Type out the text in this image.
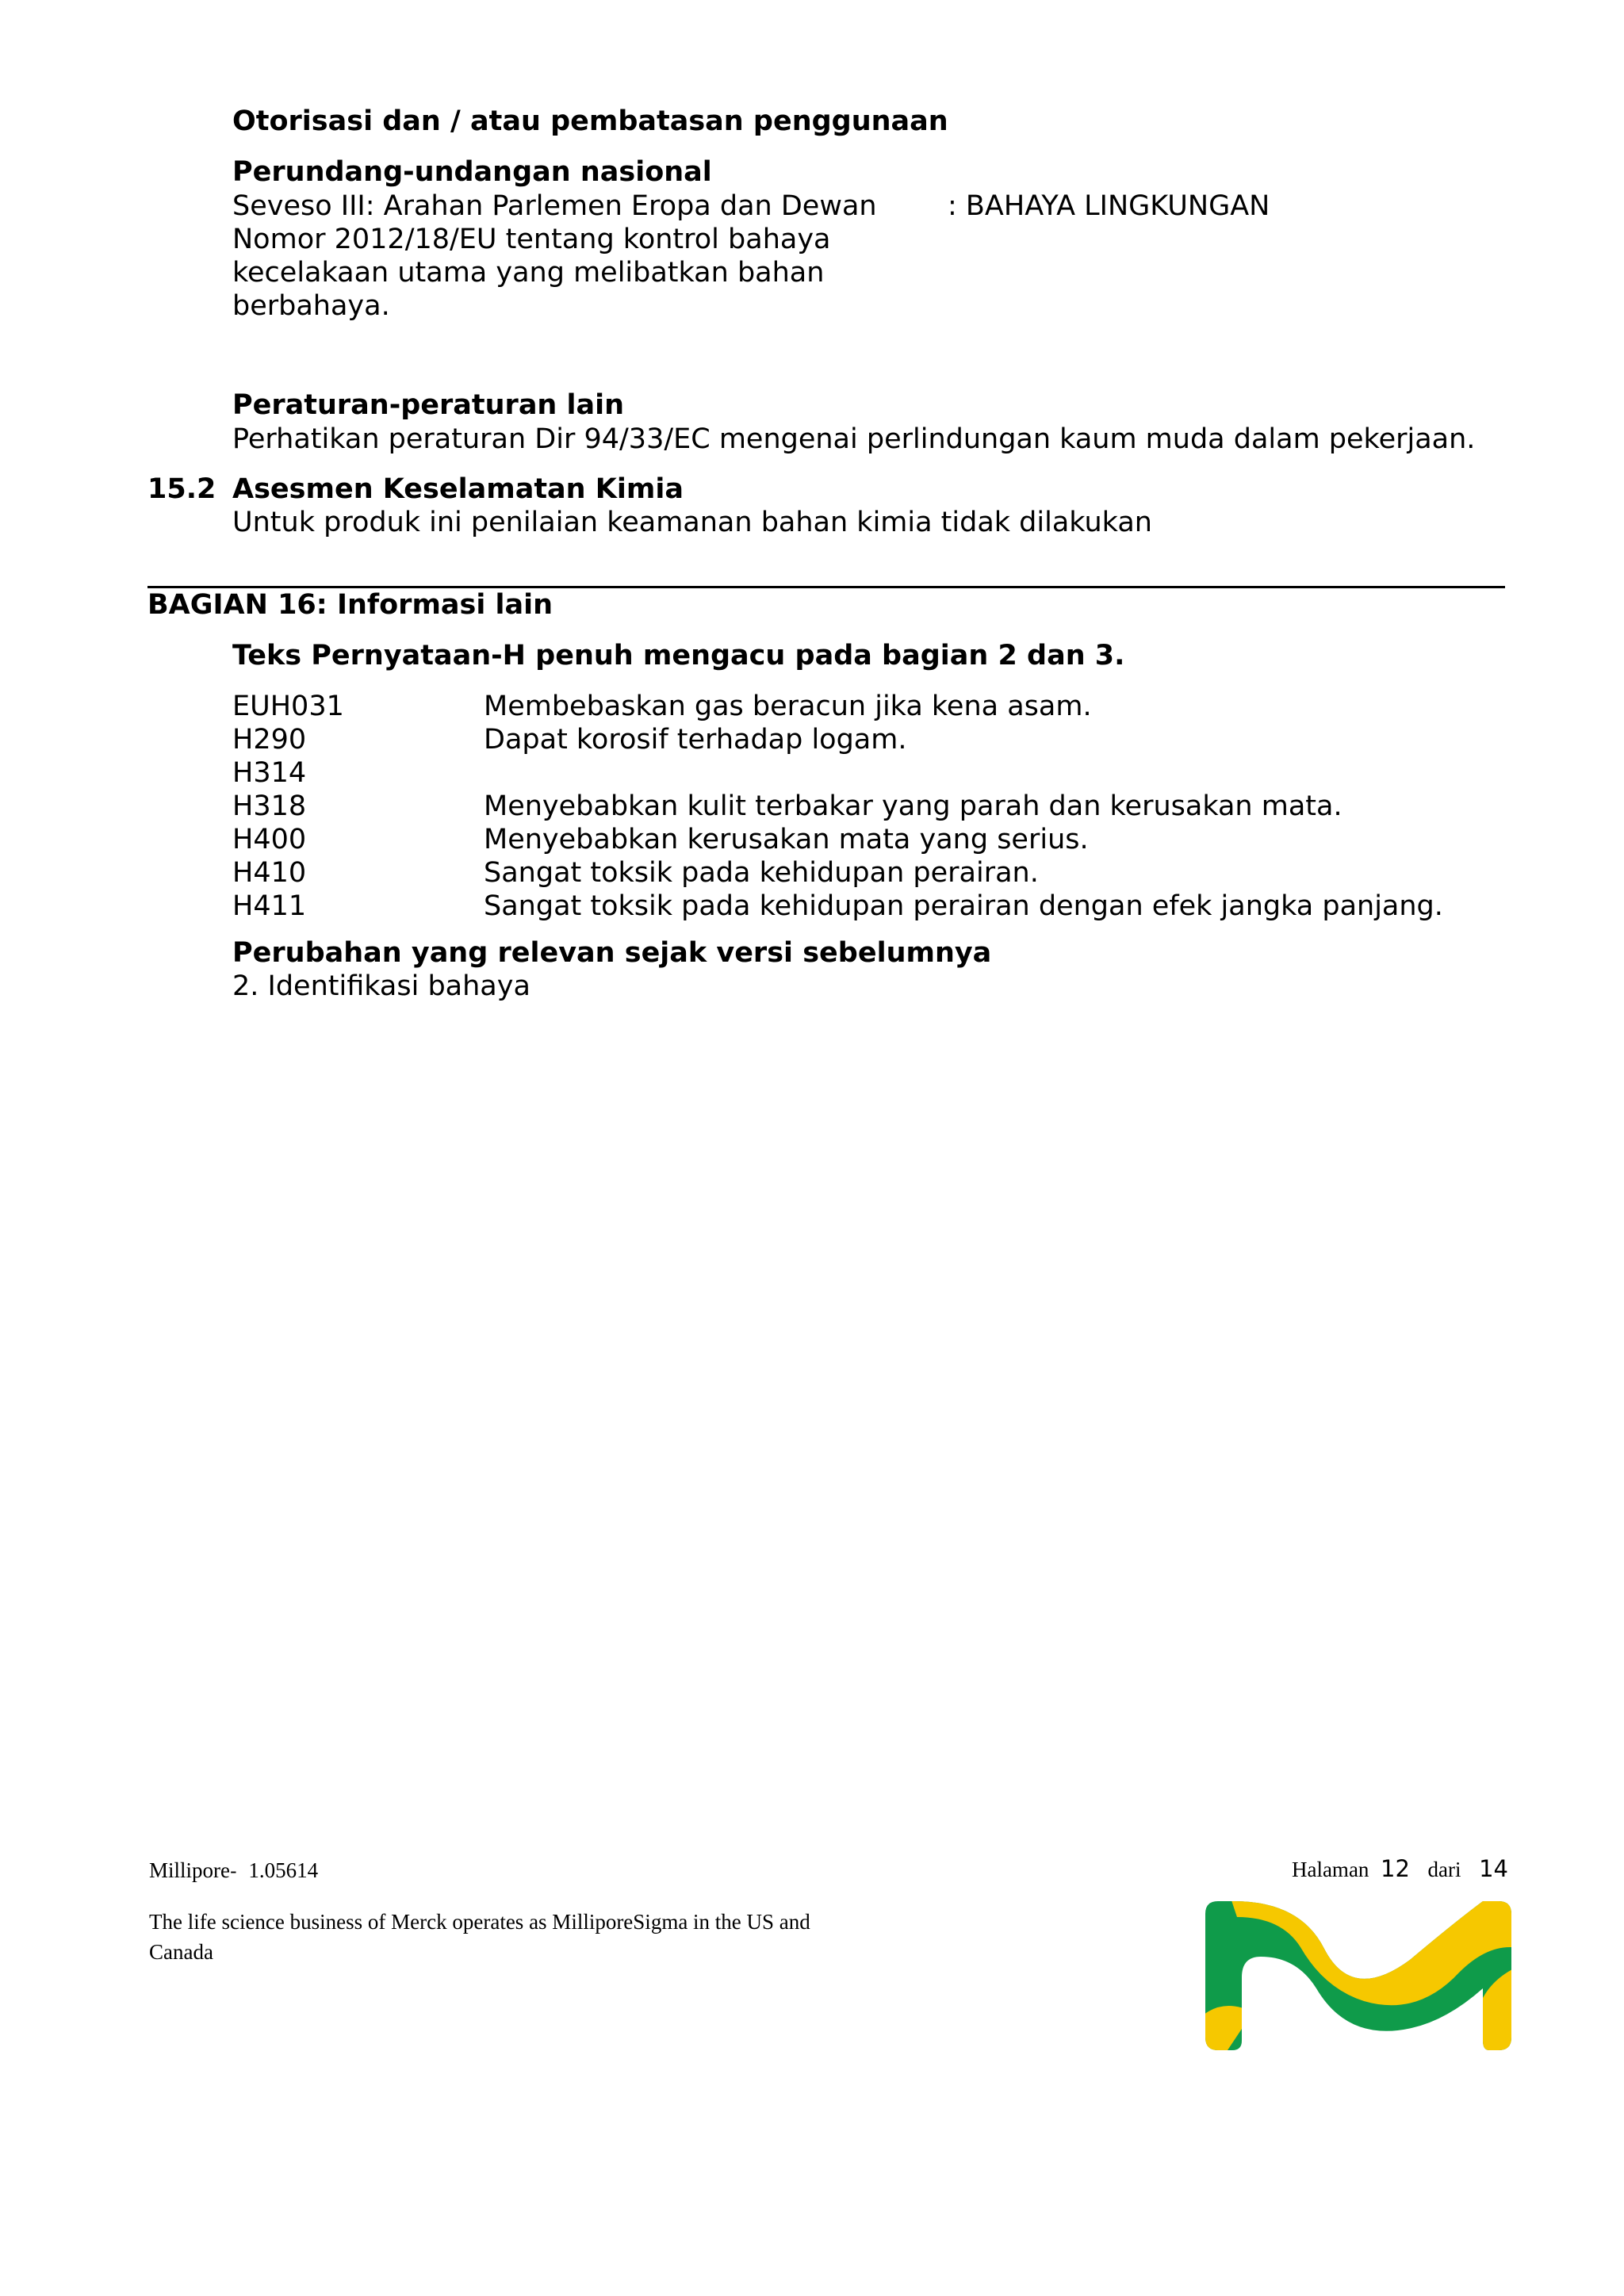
Otorisasi dan / atau pembatasan penggunaan
Perundang-undangan nasional
Seveso III: Arahan Parlemen Eropa dan Dewan
Nomor 2012/18/EU tentang kontrol bahaya
kecelakaan utama yang melibatkan bahan
berbahaya.
: BAHAYA LINGKUNGAN
Peraturan-peraturan lain
Perhatikan peraturan Dir 94/33/EC mengenai perlindungan kaum muda dalam pekerjaan.
15.2 Asesmen Keselamatan Kimia
Untuk produk ini penilaian keamanan bahan kimia tidak dilakukan
BAGIAN 16: Informasi lain
Teks Pernyataan-H penuh mengacu pada bagian 2 dan 3.
EUH031	Membebaskan gas beracun jika kena asam.
H290	Dapat korosif terhadap logam.
H314
H318	Menyebabkan kulit terbakar yang parah dan kerusakan mata.
H400	Menyebabkan kerusakan mata yang serius.
H410	Sangat toksik pada kehidupan perairan.
H411	Sangat toksik pada kehidupan perairan dengan efek jangka panjang.
Perubahan yang relevan sejak versi sebelumnya
2. Identifikasi bahaya
Millipore- 1.05614	Halaman 12 dari 14
The life science business of Merck operates as MilliporeSigma in the US and
Canada
